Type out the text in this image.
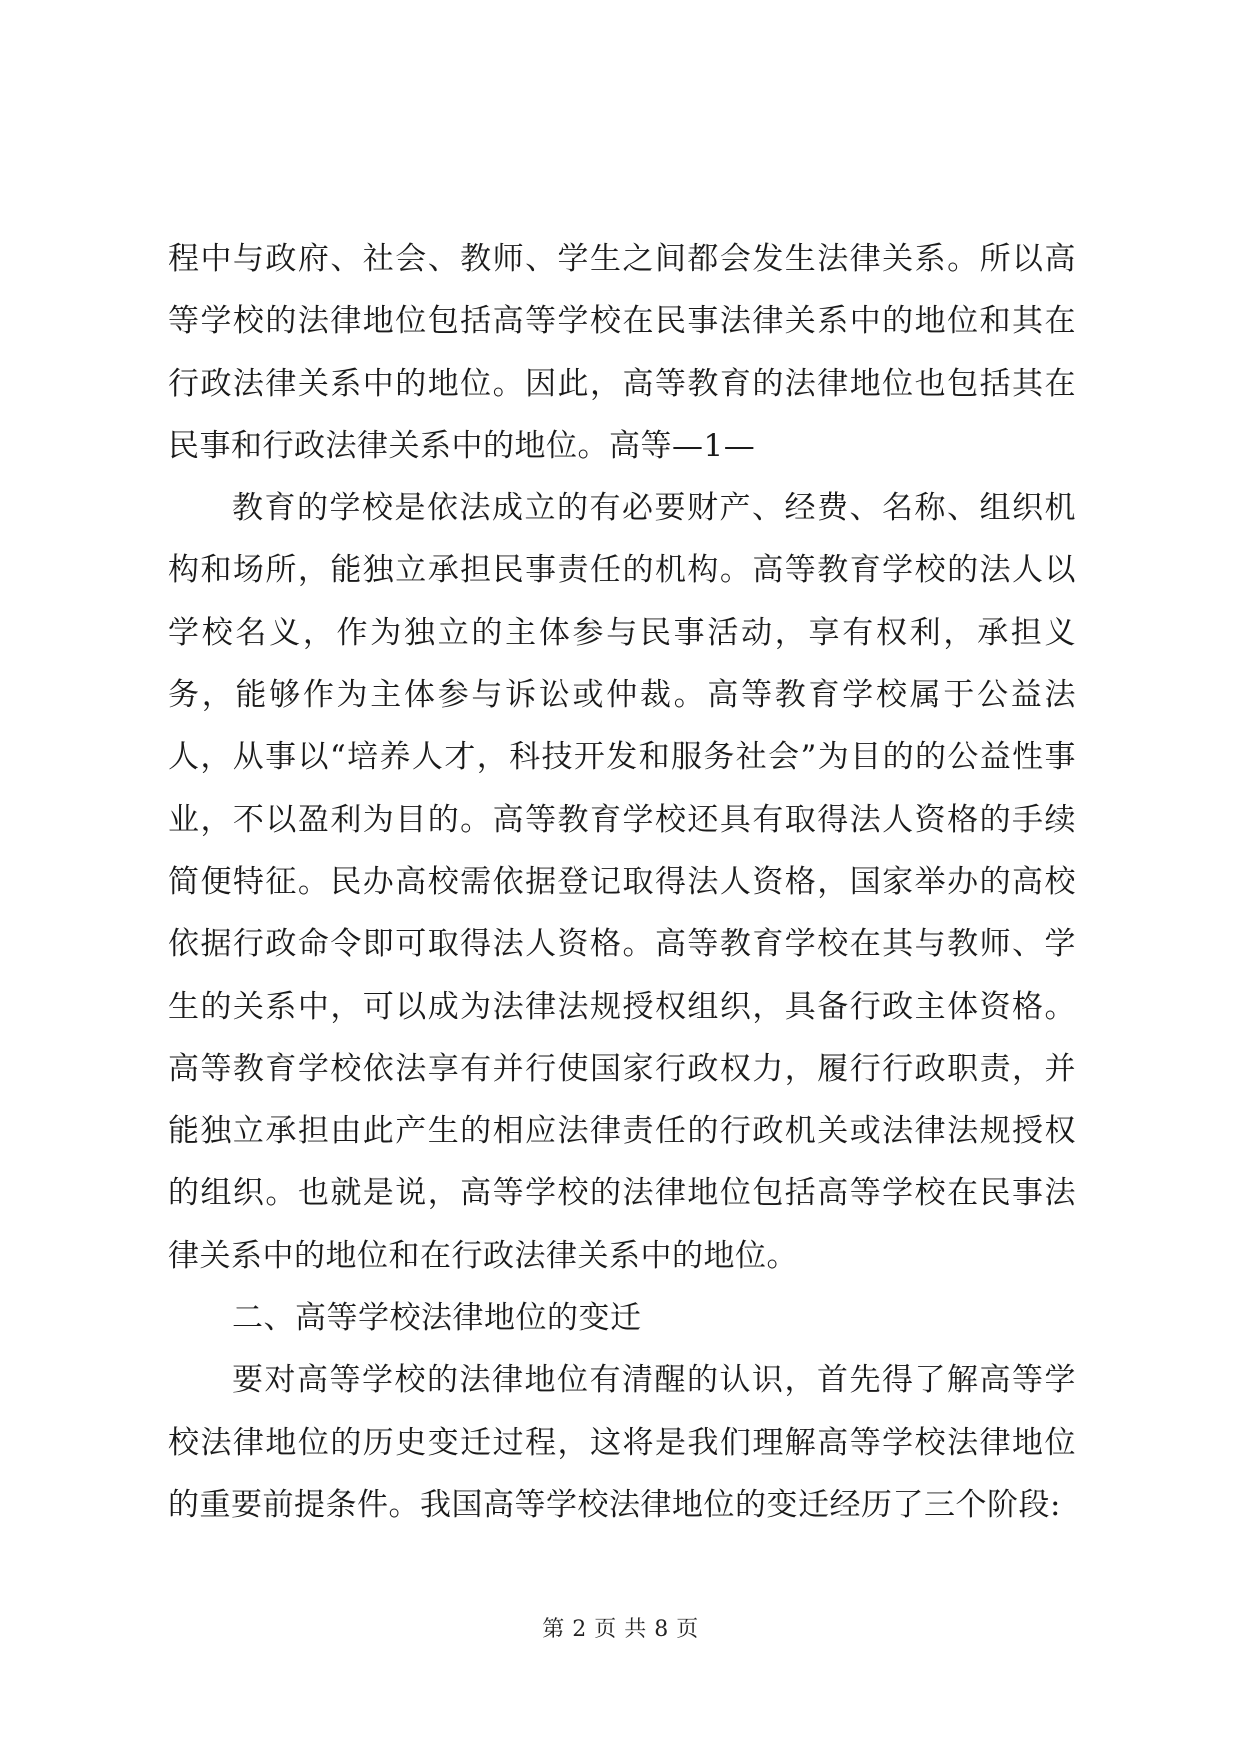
程中与政府、社会、教师、学生之间都会发生法律关系。所以高等学校的法律地位包括高等学校在民事法律关系中的地位和其在行政法律关系中的地位。因此，高等教育的法律地位也包括其在民事和行政法律关系中的地位。高等—1—

教育的学校是依法成立的有必要财产、经费、名称、组织机构和场所，能独立承担民事责任的机构。高等教育学校的法人以学校名义，作为独立的主体参与民事活动，享有权利，承担义务，能够作为主体参与诉讼或仲裁。高等教育学校属于公益法人，从事以“培养人才，科技开发和服务社会”为目的的公益性事业，不以盈利为目的。高等教育学校还具有取得法人资格的手续简便特征。民办高校需依据登记取得法人资格，国家举办的高校依据行政命令即可取得法人资格。高等教育学校在其与教师、学生的关系中，可以成为法律法规授权组织，具备行政主体资格。高等教育学校依法享有并行使国家行政权力，履行行政职责，并能独立承担由此产生的相应法律责任的行政机关或法律法规授权的组织。也就是说，高等学校的法律地位包括高等学校在民事法律关系中的地位和在行政法律关系中的地位。

二、高等学校法律地位的变迁

要对高等学校的法律地位有清醒的认识，首先得了解高等学校法律地位的历史变迁过程，这将是我们理解高等学校法律地位的重要前提条件。我国高等学校法律地位的变迁经历了三个阶段:

第 2 页 共 8 页
